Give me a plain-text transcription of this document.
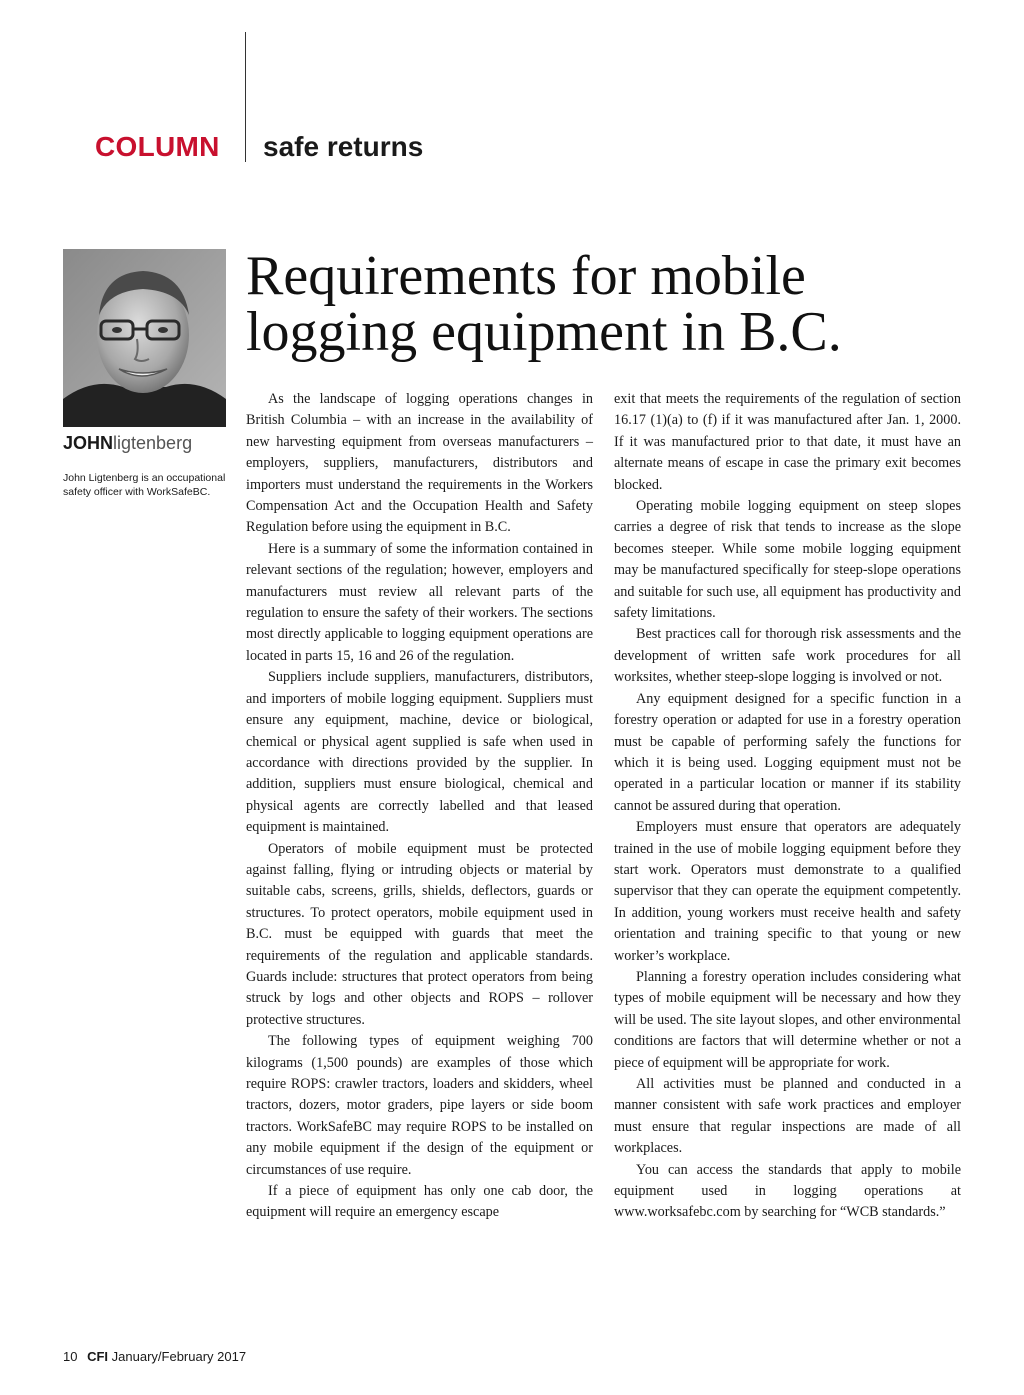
COLUMN safe returns
Requirements for mobile
logging equipment in B.C.
JOHNligtenberg

John Ligtenberg is an occupational safety officer with WorkSafeBC.

As the landscape of logging operations changes in British Columbia – with an increase in the availability of new harvesting equipment from overseas manufacturers – employers, suppliers, manufacturers, distributors and importers must understand the requirements in the Workers Compensation Act and the Occupation Health and Safety Regulation before using the equipment in B.C.

Here is a summary of some the information contained in relevant sections of the regulation; however, employers and manufacturers must review all relevant parts of the regulation to ensure the safety of their workers. The sections most directly applicable to logging equipment operations are located in parts 15, 16 and 26 of the regulation.

Suppliers include suppliers, manufacturers, distributors, and importers of mobile logging equipment. Suppliers must ensure any equipment, machine, device or biological, chemical or physical agent supplied is safe when used in accordance with directions provided by the supplier. In addition, suppliers must ensure biological, chemical and physical agents are correctly labelled and that leased equipment is maintained.

Operators of mobile equipment must be protected against falling, flying or intruding objects or material by suitable cabs, screens, grills, shields, deflectors, guards or structures. To protect operators, mobile equipment used in B.C. must be equipped with guards that meet the requirements of the regulation and applicable standards. Guards include: structures that protect operators from being struck by logs and other objects and ROPS – rollover protective structures.

The following types of equipment weighing 700 kilograms (1,500 pounds) are examples of those which require ROPS: crawler tractors, loaders and skidders, wheel tractors, dozers, motor graders, pipe layers or side boom tractors. WorkSafeBC may require ROPS to be installed on any mobile equipment if the design of the equipment or circumstances of use require.

If a piece of equipment has only one cab door, the equipment will require an emergency escape

exit that meets the requirements of the regulation of section 16.17 (1)(a) to (f) if it was manufactured after Jan. 1, 2000. If it was manufactured prior to that date, it must have an alternate means of escape in case the primary exit becomes blocked.

Operating mobile logging equipment on steep slopes carries a degree of risk that tends to increase as the slope becomes steeper. While some mobile logging equipment may be manufactured specifically for steep-slope operations and suitable for such use, all equipment has productivity and safety limitations.

Best practices call for thorough risk assessments and the development of written safe work procedures for all worksites, whether steep-slope logging is involved or not.

Any equipment designed for a specific function in a forestry operation or adapted for use in a forestry operation must be capable of performing safely the functions for which it is being used. Logging equipment must not be operated in a particular location or manner if its stability cannot be assured during that operation.

Employers must ensure that operators are adequately trained in the use of mobile logging equipment before they start work. Operators must demonstrate to a qualified supervisor that they can operate the equipment competently. In addition, young workers must receive health and safety orientation and training specific to that young or new worker’s workplace.

Planning a forestry operation includes considering what types of mobile equipment will be necessary and how they will be used. The site layout slopes, and other environmental conditions are factors that will determine whether or not a piece of equipment will be appropriate for work.

All activities must be planned and conducted in a manner consistent with safe work practices and employer must ensure that regular inspections are made of all workplaces.

You can access the standards that apply to mobile equipment used in logging operations at www.worksafebc.com by searching for “WCB standards.”

10 CFI January/February 2017
